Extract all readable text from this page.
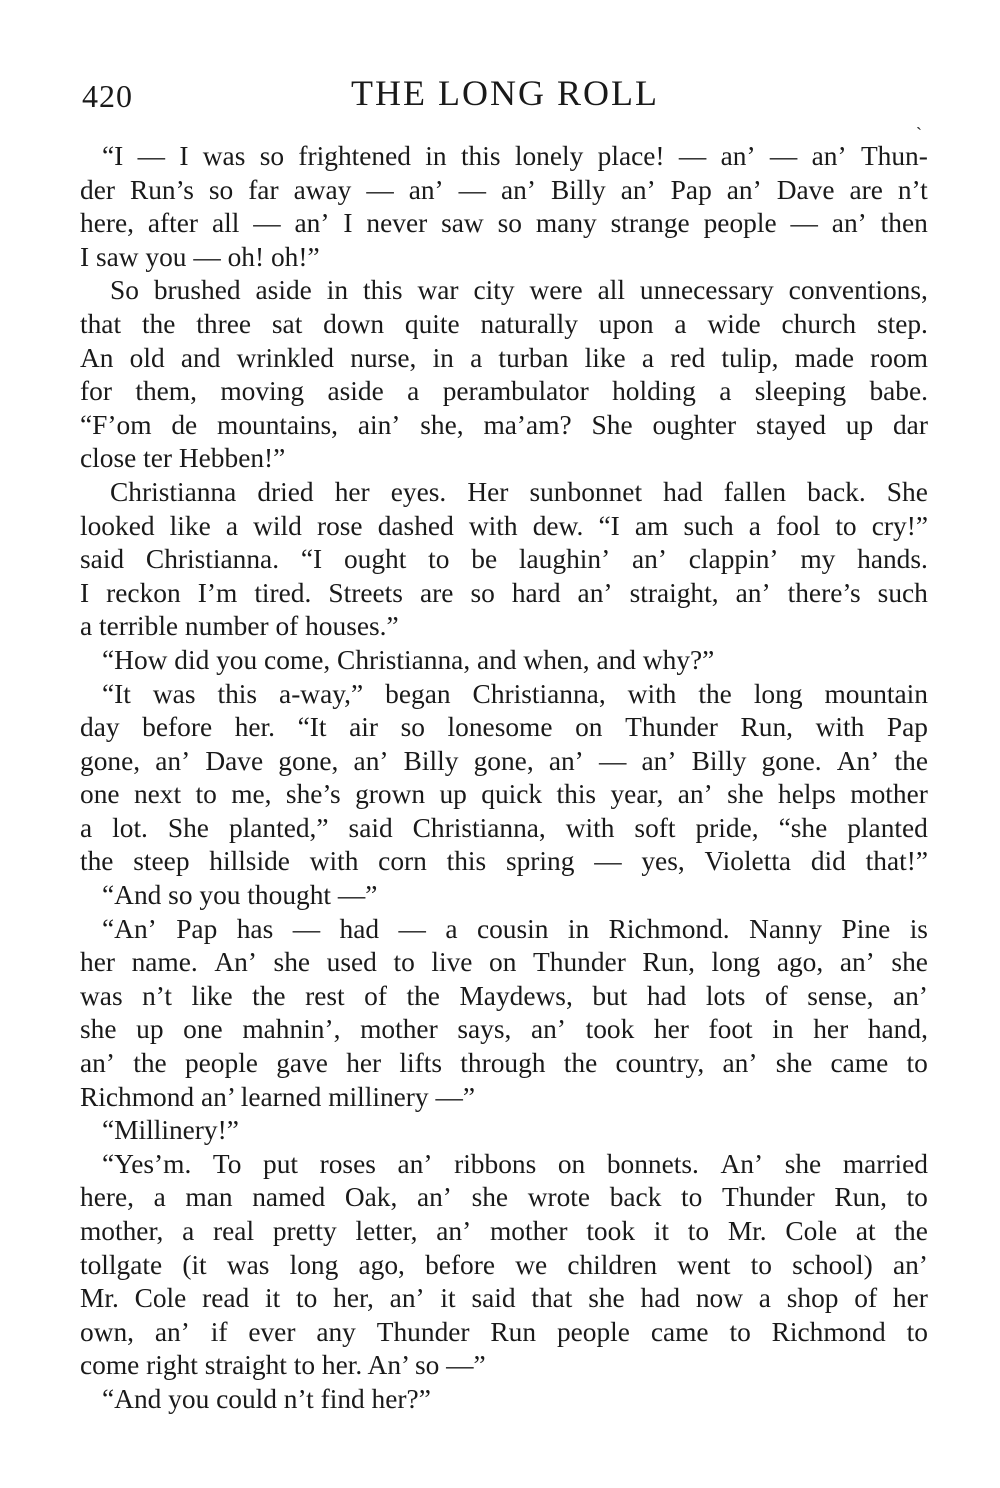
420	THE LONG ROLL
ˏ
“I — I was so frightened in this lonely place! — an’ — an’ Thun-
der Run’s so far away — an’ — an’ Billy an’ Pap an’ Dave are n’t
here, after all — an’ I never saw so many strange people — an’ then
I saw you — oh! oh!”
So brushed aside in this war city were all unnecessary conventions,
that the three sat down quite naturally upon a wide church step.
An old and wrinkled nurse, in a turban like a red tulip, made room
for them, moving aside a perambulator holding a sleeping babe.
“F’om de mountains, ain’ she, ma’am? She oughter stayed up dar
close ter Hebben!”
Christianna dried her eyes. Her sunbonnet had fallen back. She
looked like a wild rose dashed with dew. “I am such a fool to cry!”
said Christianna. “I ought to be laughin’ an’ clappin’ my hands.
I reckon I’m tired. Streets are so hard an’ straight, an’ there’s such
a terrible number of houses.”
“How did you come, Christianna, and when, and why?”
“It was this a-way,” began Christianna, with the long mountain
day before her. “It air so lonesome on Thunder Run, with Pap
gone, an’ Dave gone, an’ Billy gone, an’ — an’ Billy gone. An’ the
one next to me, she’s grown up quick this year, an’ she helps mother
a lot. She planted,” said Christianna, with soft pride, “she planted
the steep hillside with corn this spring — yes, Violetta did that!”
“And so you thought —”
“An’ Pap has — had — a cousin in Richmond. Nanny Pine is
her name. An’ she used to live on Thunder Run, long ago, an’ she
was n’t like the rest of the Maydews, but had lots of sense, an’
she up one mahnin’, mother says, an’ took her foot in her hand,
an’ the people gave her lifts through the country, an’ she came to
Richmond an’ learned millinery —”
“Millinery!”
“Yes’m. To put roses an’ ribbons on bonnets. An’ she married
here, a man named Oak, an’ she wrote back to Thunder Run, to
mother, a real pretty letter, an’ mother took it to Mr. Cole at the
tollgate (it was long ago, before we children went to school) an’
Mr. Cole read it to her, an’ it said that she had now a shop of her
own, an’ if ever any Thunder Run people came to Richmond to
come right straight to her. An’ so —”
“And you could n’t find her?”
